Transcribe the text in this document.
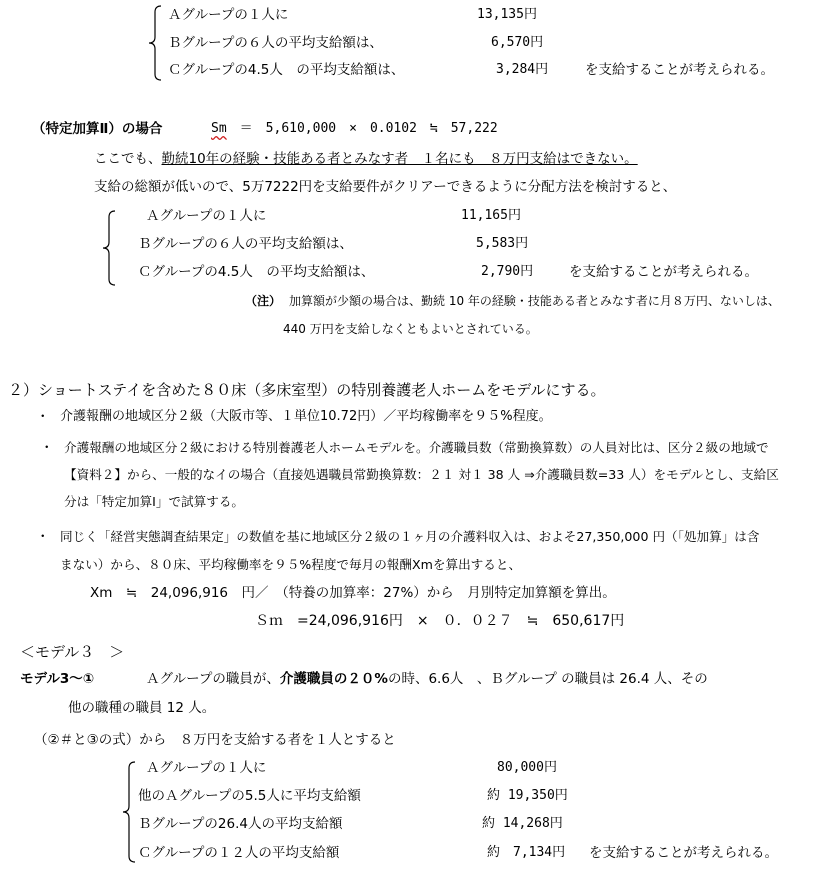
Ａグループの１人に	13,135円
Ｂグループの６人の平均支給額は、	6,570円
Ｃグループの4.5人　の平均支給額は、	3,284円	を支給することが考えられる。
（特定加算Ⅱ）の場合	Sm　 ＝　5,610,000　×　0.0102　≒　57,222
ここでも、勤続10年の経験・技能ある者とみなす者　１名にも　８万円支給はできない。
支給の総額が低いので、5万7222円を支給要件がクリアーできるように分配方法を検討すると、
Ａグループの１人に	11,165円
Ｂグループの６人の平均支給額は、	5,583円
Ｃグループの4.5人　の平均支給額は、	2,790円	を支給することが考えられる。
（注） 加算額が少額の場合は、勤続 10 年の経験・技能ある者とみなす者に月８万円、ないしは、
440 万円を支給しなくともよいとされている。
２）ショートステイを含めた８０床（多床室型）の特別養護老人ホームをモデルにする。
・ 介護報酬の地域区分２級（大阪市等、１単位10.72円）／平均稼働率を９５%程度。
・ 介護報酬の地域区分２級における特別養護老人ホームモデルを。介護職員数（常勤換算数）の人員対比は、区分２級の地域で
【資料２】から、一般的なイの場合（直接処遇職員常勤換算数：２１ 対１ 38 人 ⇒介護職員数=33 人）をモデルとし、支給区
分は「特定加算Ⅰ」で試算する。
・ 同じく「経営実態調査結果定」の数値を基に地域区分２級の１ヶ月の介護料収入は、およそ27,350,000 円（「処加算」は含
まない）から、８０床、平均稼働率を９５%程度で毎月の報酬Xmを算出すると、
Xm　≒　24,096,916　円／　（特養の加算率：27%）から　月別特定加算額を算出。
Ｓｍ　=24,096,916円　×　０．０２７　≒　650,617円
＜モデル３　＞
モデル3～①	Ａグループの職員が、介護職員の２０%の時、6.6人　、Ｂグループ の職員は 26.4 人、その
他の職種の職員 12 人。
（②＃と③の式）から　８万円を支給する者を１人とすると
Ａグループの１人に	80,000円
他のＡグループの5.5人に平均支給額	約 19,350円
Ｂグループの26.4人の平均支給額	約 14,268円
Ｃグループの１２人の平均支給額	約　7,134円 を支給することが考えられる。
